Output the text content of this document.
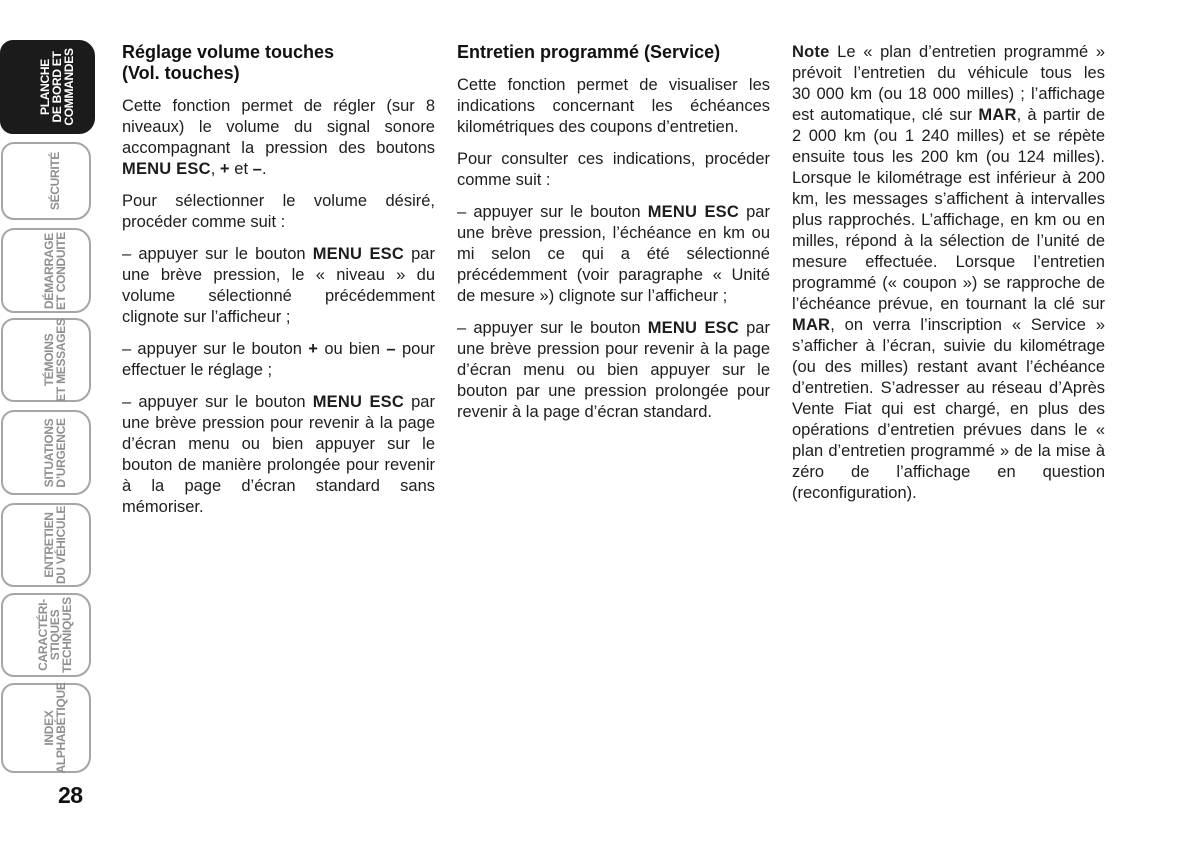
PLANCHE
DE BORD ET
COMMANDES
SÉCURITÉ
DÉMARRAGE
ET CONDUITE
TÉMOINS
ET MESSAGES
SITUATIONS
D’URGENCE
ENTRETIEN
DU VÉHICULE
CARACTÉRI-
STIQUES
TECHNIQUES
INDEX
ALPHABÉTIQUE
Réglage volume touches
(Vol. touches)

Cette fonction permet de régler (sur 8 niveaux) le volume du signal sonore accompagnant la pression des boutons MENU ESC, + et –.

Pour sélectionner le volume désiré, procéder comme suit :

– appuyer sur le bouton MENU ESC par une brève pression, le « niveau » du volume sélectionné précédemment clignote sur l’afficheur ;

– appuyer sur le bouton + ou bien – pour effectuer le réglage ;

– appuyer sur le bouton MENU ESC par une brève pression pour revenir à la page d’écran menu ou bien appuyer sur le bouton de manière prolongée pour revenir à la page d’écran standard sans mémoriser.

Entretien programmé (Service)

Cette fonction permet de visualiser les indications concernant les échéances kilométriques des coupons d’entretien.

Pour consulter ces indications, procéder comme suit :

– appuyer sur le bouton MENU ESC par une brève pression, l’échéance en km ou mi selon ce qui a été sélectionné précédemment (voir paragraphe « Unité de mesure ») clignote sur l’afficheur ;

– appuyer sur le bouton MENU ESC par une brève pression pour revenir à la page d’écran menu ou bien appuyer sur le bouton par une pression prolongée pour revenir à la page d’écran standard.

Note Le « plan d’entretien programmé » prévoit l’entretien du véhicule tous les 30 000 km (ou 18 000 milles) ; l’affichage est automatique, clé sur MAR, à partir de 2 000 km (ou 1 240 milles) et se répète ensuite tous les 200 km (ou 124 milles). Lorsque le kilométrage est inférieur à 200 km, les messages s’affichent à intervalles plus rapprochés. L’affichage, en km ou en milles, répond à la sélection de l’unité de mesure effectuée. Lorsque l’entretien programmé (« coupon ») se rapproche de l’échéance prévue, en tournant la clé sur MAR, on verra l’inscription « Service » s’afficher à l’écran, suivie du kilométrage (ou des milles) restant avant l’échéance d’entretien. S’adresser au réseau d’Après Vente Fiat qui est chargé, en plus des opérations d’entretien prévues dans le « plan d’entretien programmé » de la mise à zéro de l’affichage en question (reconfiguration).

28
